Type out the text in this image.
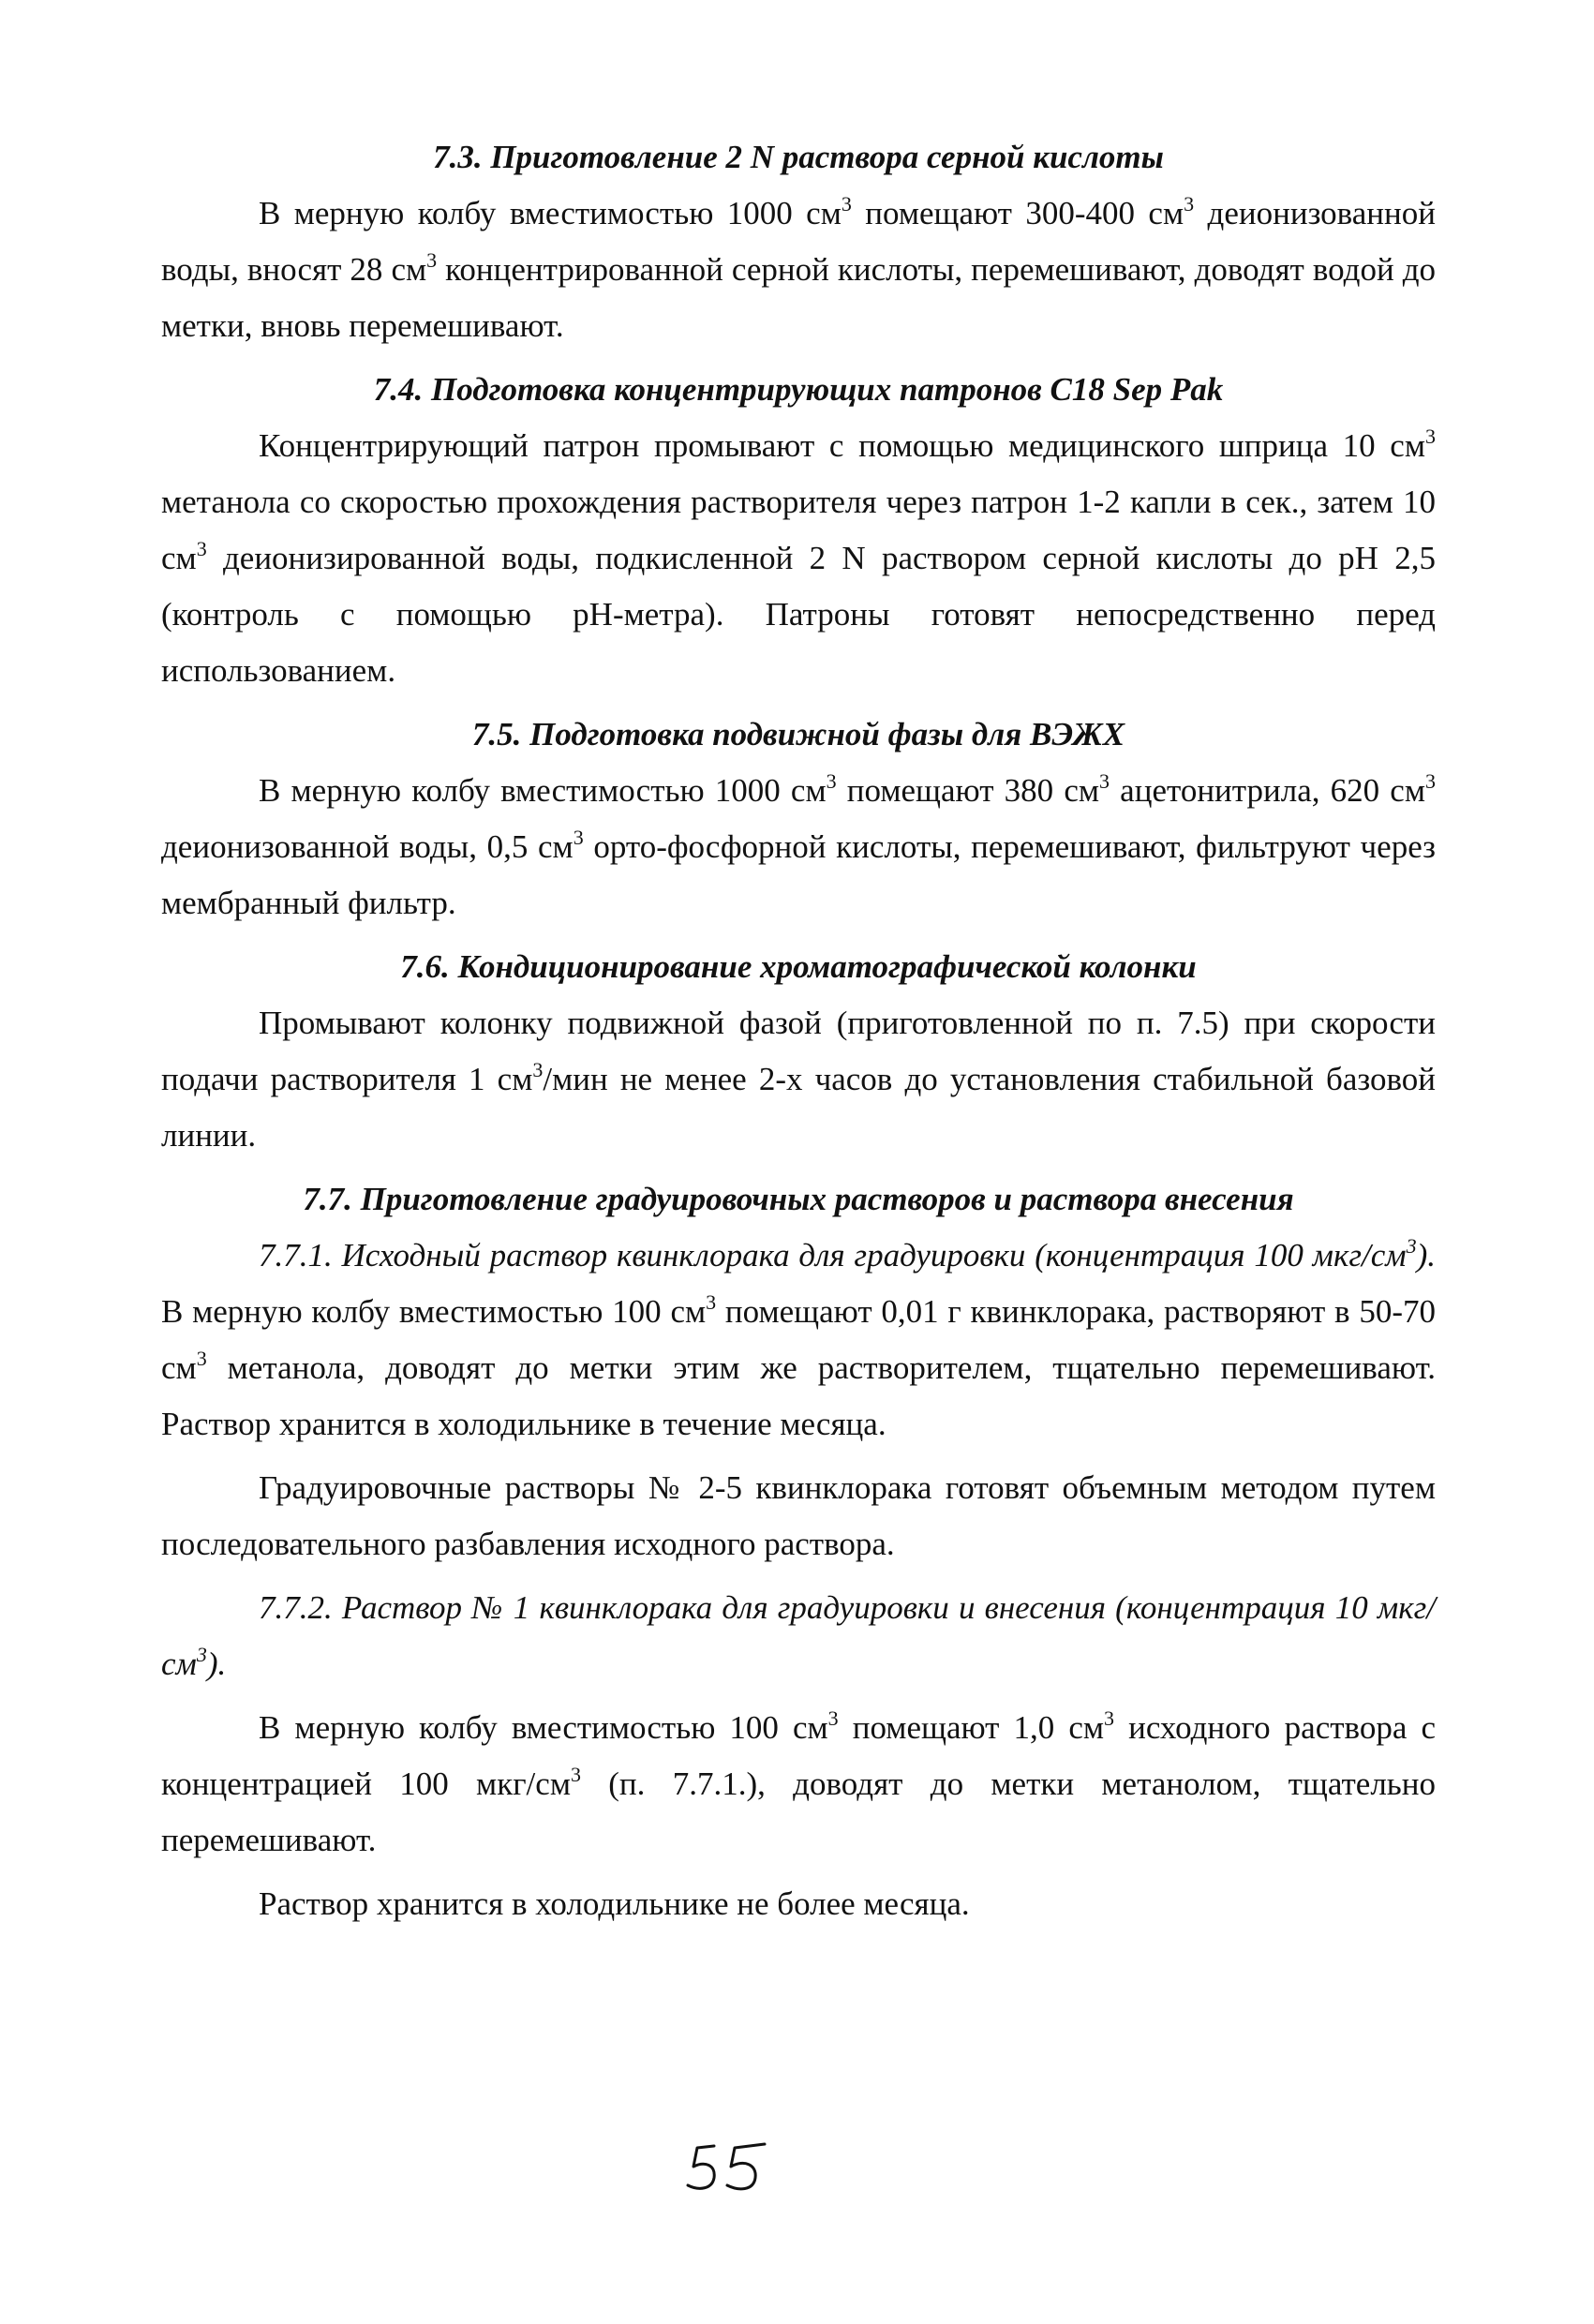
7.3. Приготовление 2 N раствора серной кислоты

В мерную колбу вместимостью 1000 $см^3$ помещают 300-400 $см^3$ деионизованной воды, вносят 28 $см^3$ концентрированной серной кислоты, перемешивают, доводят водой до метки, вновь перемешивают.

7.4. Подготовка концентрирующих патронов С18 Sep Pak

Концентрирующий патрон промывают с помощью медицинского шприца 10 $см^3$ метанола со скоростью прохождения растворителя через патрон 1-2 капли в сек., затем 10 $см^3$ деионизированной воды, подкисленной 2 N раствором серной кислоты до pH 2,5 (контроль с помощью pH-метра). Патроны готовят непосредственно перед использованием.

7.5. Подготовка подвижной фазы для ВЭЖХ

В мерную колбу вместимостью 1000 $см^3$ помещают 380 $см^3$ ацетонитрила, 620 $см^3$ деионизованной воды, 0,5 $см^3$ орто-фосфорной кислоты, перемешивают, фильтруют через мембранный фильтр.

7.6. Кондиционирование хроматографической колонки

Промывают колонку подвижной фазой (приготовленной по п. 7.5) при скорости подачи растворителя 1 $см^3$/мин не менее 2-х часов до установления стабильной базовой линии.

7.7. Приготовление градуировочных растворов и раствора внесения

7.7.1. Исходный раствор квинклорака для градуировки (концентрация 100 мкг/$см^3$). В мерную колбу вместимостью 100 $см^3$ помещают 0,01 г квинклорака, растворяют в 50-70 $см^3$ метанола, доводят до метки этим же растворителем, тщательно перемешивают. Раствор хранится в холодильнике в течение месяца.

Градуировочные растворы № 2-5 квинклорака готовят объемным методом путем последовательного разбавления исходного раствора.

7.7.2. Раствор № 1 квинклорака для градуировки и внесения (концентрация 10 мкг/$см^3$).

В мерную колбу вместимостью 100 $см^3$ помещают 1,0 $см^3$ исходного раствора с концентрацией 100 мкг/$см^3$ (п. 7.7.1.), доводят до метки метанолом, тщательно перемешивают.

Раствор хранится в холодильнике не более месяца.
